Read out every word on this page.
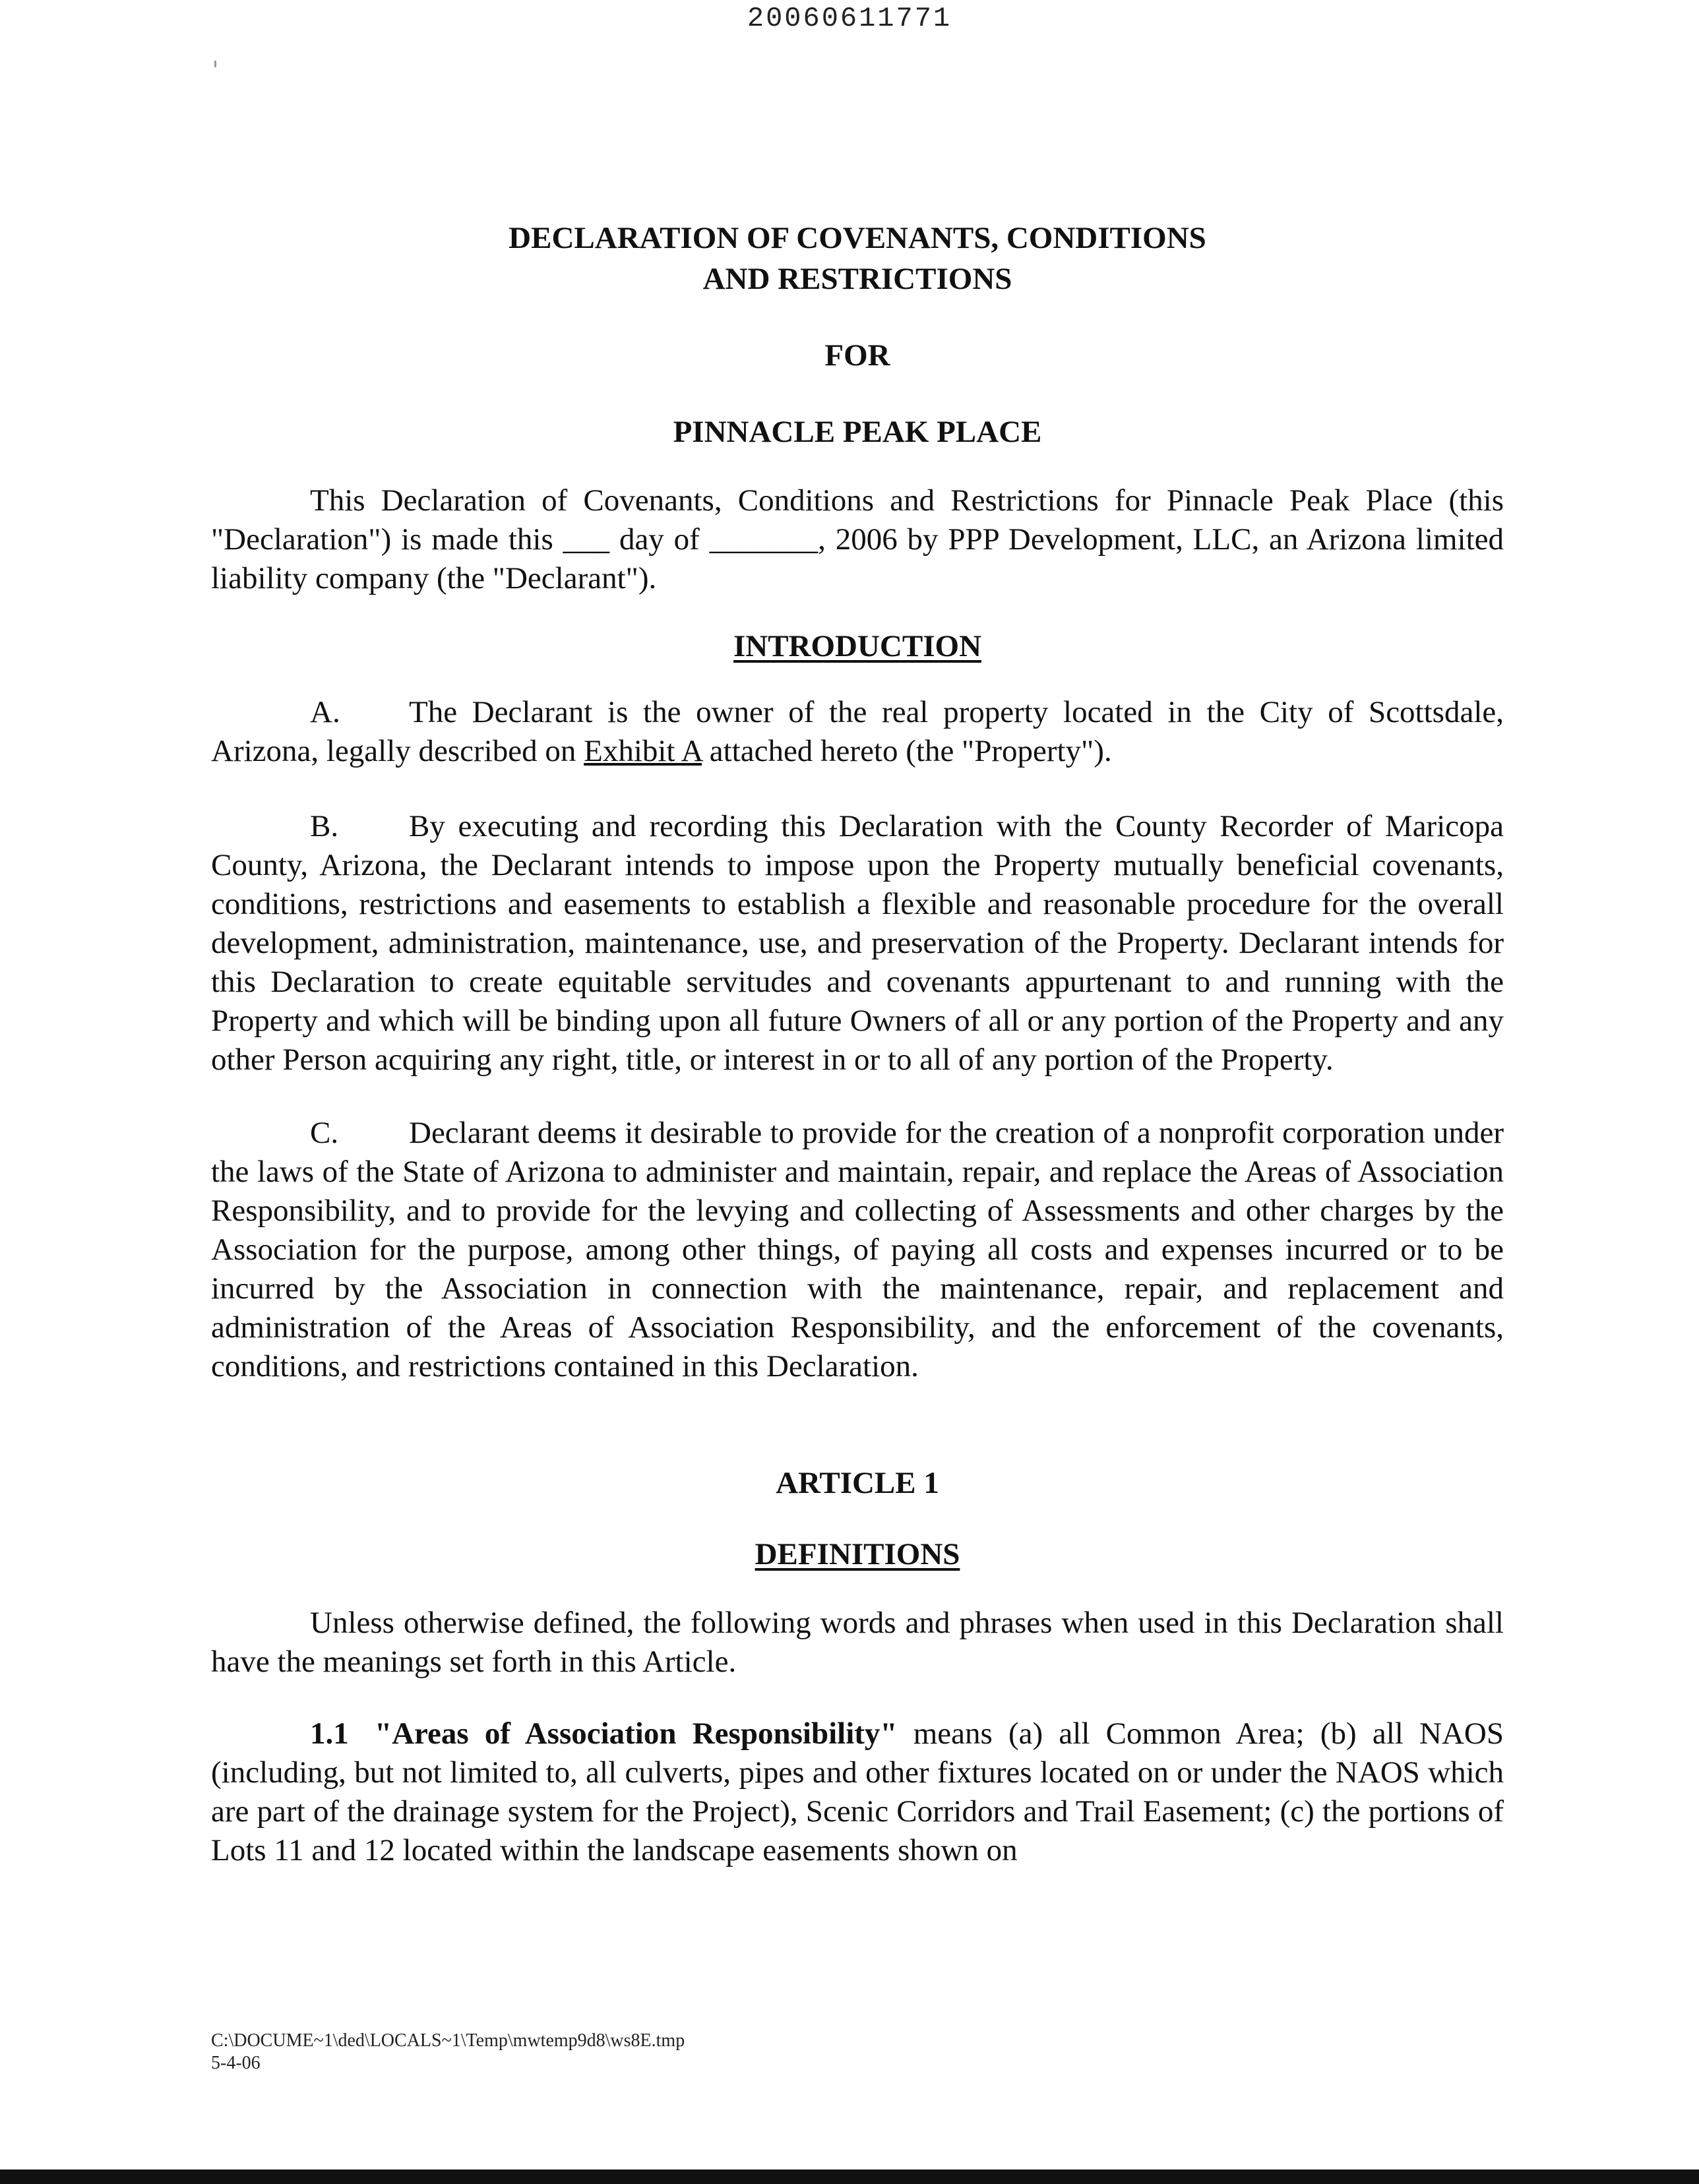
20060611771
DECLARATION OF COVENANTS, CONDITIONS
AND RESTRICTIONS
FOR
PINNACLE PEAK PLACE

This Declaration of Covenants, Conditions and Restrictions for Pinnacle Peak Place (this "Declaration") is made this ___ day of _______, 2006 by PPP Development, LLC, an Arizona limited liability company (the "Declarant").

INTRODUCTION

A. The Declarant is the owner of the real property located in the City of Scottsdale, Arizona, legally described on Exhibit A attached hereto (the "Property").

B. By executing and recording this Declaration with the County Recorder of Maricopa County, Arizona, the Declarant intends to impose upon the Property mutually beneficial covenants, conditions, restrictions and easements to establish a flexible and reasonable procedure for the overall development, administration, maintenance, use, and preservation of the Property. Declarant intends for this Declaration to create equitable servitudes and covenants appurtenant to and running with the Property and which will be binding upon all future Owners of all or any portion of the Property and any other Person acquiring any right, title, or interest in or to all of any portion of the Property.

C. Declarant deems it desirable to provide for the creation of a nonprofit corporation under the laws of the State of Arizona to administer and maintain, repair, and replace the Areas of Association Responsibility, and to provide for the levying and collecting of Assessments and other charges by the Association for the purpose, among other things, of paying all costs and expenses incurred or to be incurred by the Association in connection with the maintenance, repair, and replacement and administration of the Areas of Association Responsibility, and the enforcement of the covenants, conditions, and restrictions contained in this Declaration.

ARTICLE 1
DEFINITIONS

Unless otherwise defined, the following words and phrases when used in this Declaration shall have the meanings set forth in this Article.

1.1 "Areas of Association Responsibility" means (a) all Common Area; (b) all NAOS (including, but not limited to, all culverts, pipes and other fixtures located on or under the NAOS which are part of the drainage system for the Project), Scenic Corridors and Trail Easement; (c) the portions of Lots 11 and 12 located within the landscape easements shown on

C:\DOCUME~1\ded\LOCALS~1\Temp\mwtemp9d8\ws8E.tmp
5-4-06
